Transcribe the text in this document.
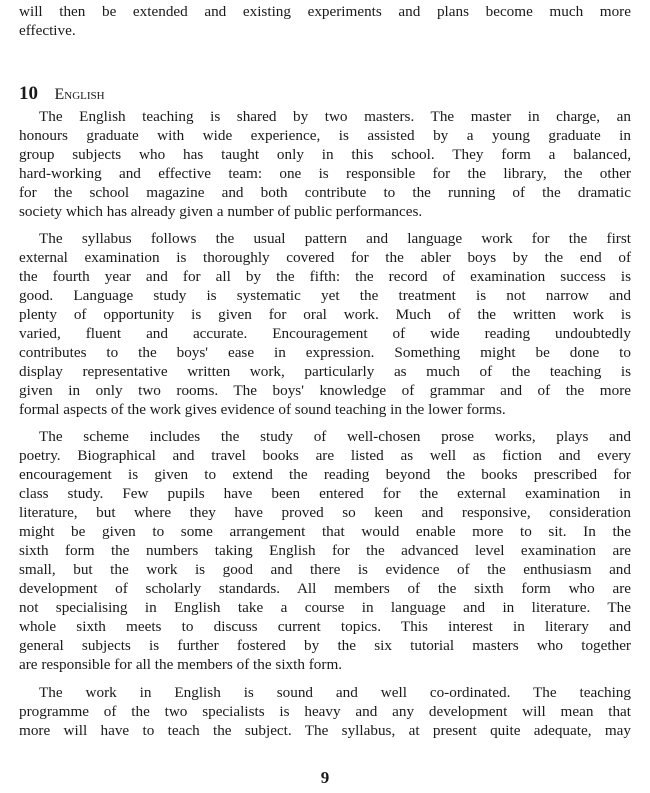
will then be extended and existing experiments and plans become much more
effective.
10 English
The English teaching is shared by two masters. The master in charge, an
honours graduate with wide experience, is assisted by a young graduate in
group subjects who has taught only in this school. They form a balanced,
hard-working and effective team: one is responsible for the library, the other
for the school magazine and both contribute to the running of the dramatic
society which has already given a number of public performances.
The syllabus follows the usual pattern and language work for the first
external examination is thoroughly covered for the abler boys by the end of
the fourth year and for all by the fifth: the record of examination success is
good. Language study is systematic yet the treatment is not narrow and
plenty of opportunity is given for oral work. Much of the written work is
varied, fluent and accurate. Encouragement of wide reading undoubtedly
contributes to the boys' ease in expression. Something might be done to
display representative written work, particularly as much of the teaching is
given in only two rooms. The boys' knowledge of grammar and of the more
formal aspects of the work gives evidence of sound teaching in the lower forms.
The scheme includes the study of well-chosen prose works, plays and
poetry. Biographical and travel books are listed as well as fiction and every
encouragement is given to extend the reading beyond the books prescribed for
class study. Few pupils have been entered for the external examination in
literature, but where they have proved so keen and responsive, consideration
might be given to some arrangement that would enable more to sit. In the
sixth form the numbers taking English for the advanced level examination are
small, but the work is good and there is evidence of the enthusiasm and
development of scholarly standards. All members of the sixth form who are
not specialising in English take a course in language and in literature. The
whole sixth meets to discuss current topics. This interest in literary and
general subjects is further fostered by the six tutorial masters who together
are responsible for all the members of the sixth form.
The work in English is sound and well co-ordinated. The teaching
programme of the two specialists is heavy and any development will mean that
more will have to teach the subject. The syllabus, at present quite adequate, may
9
